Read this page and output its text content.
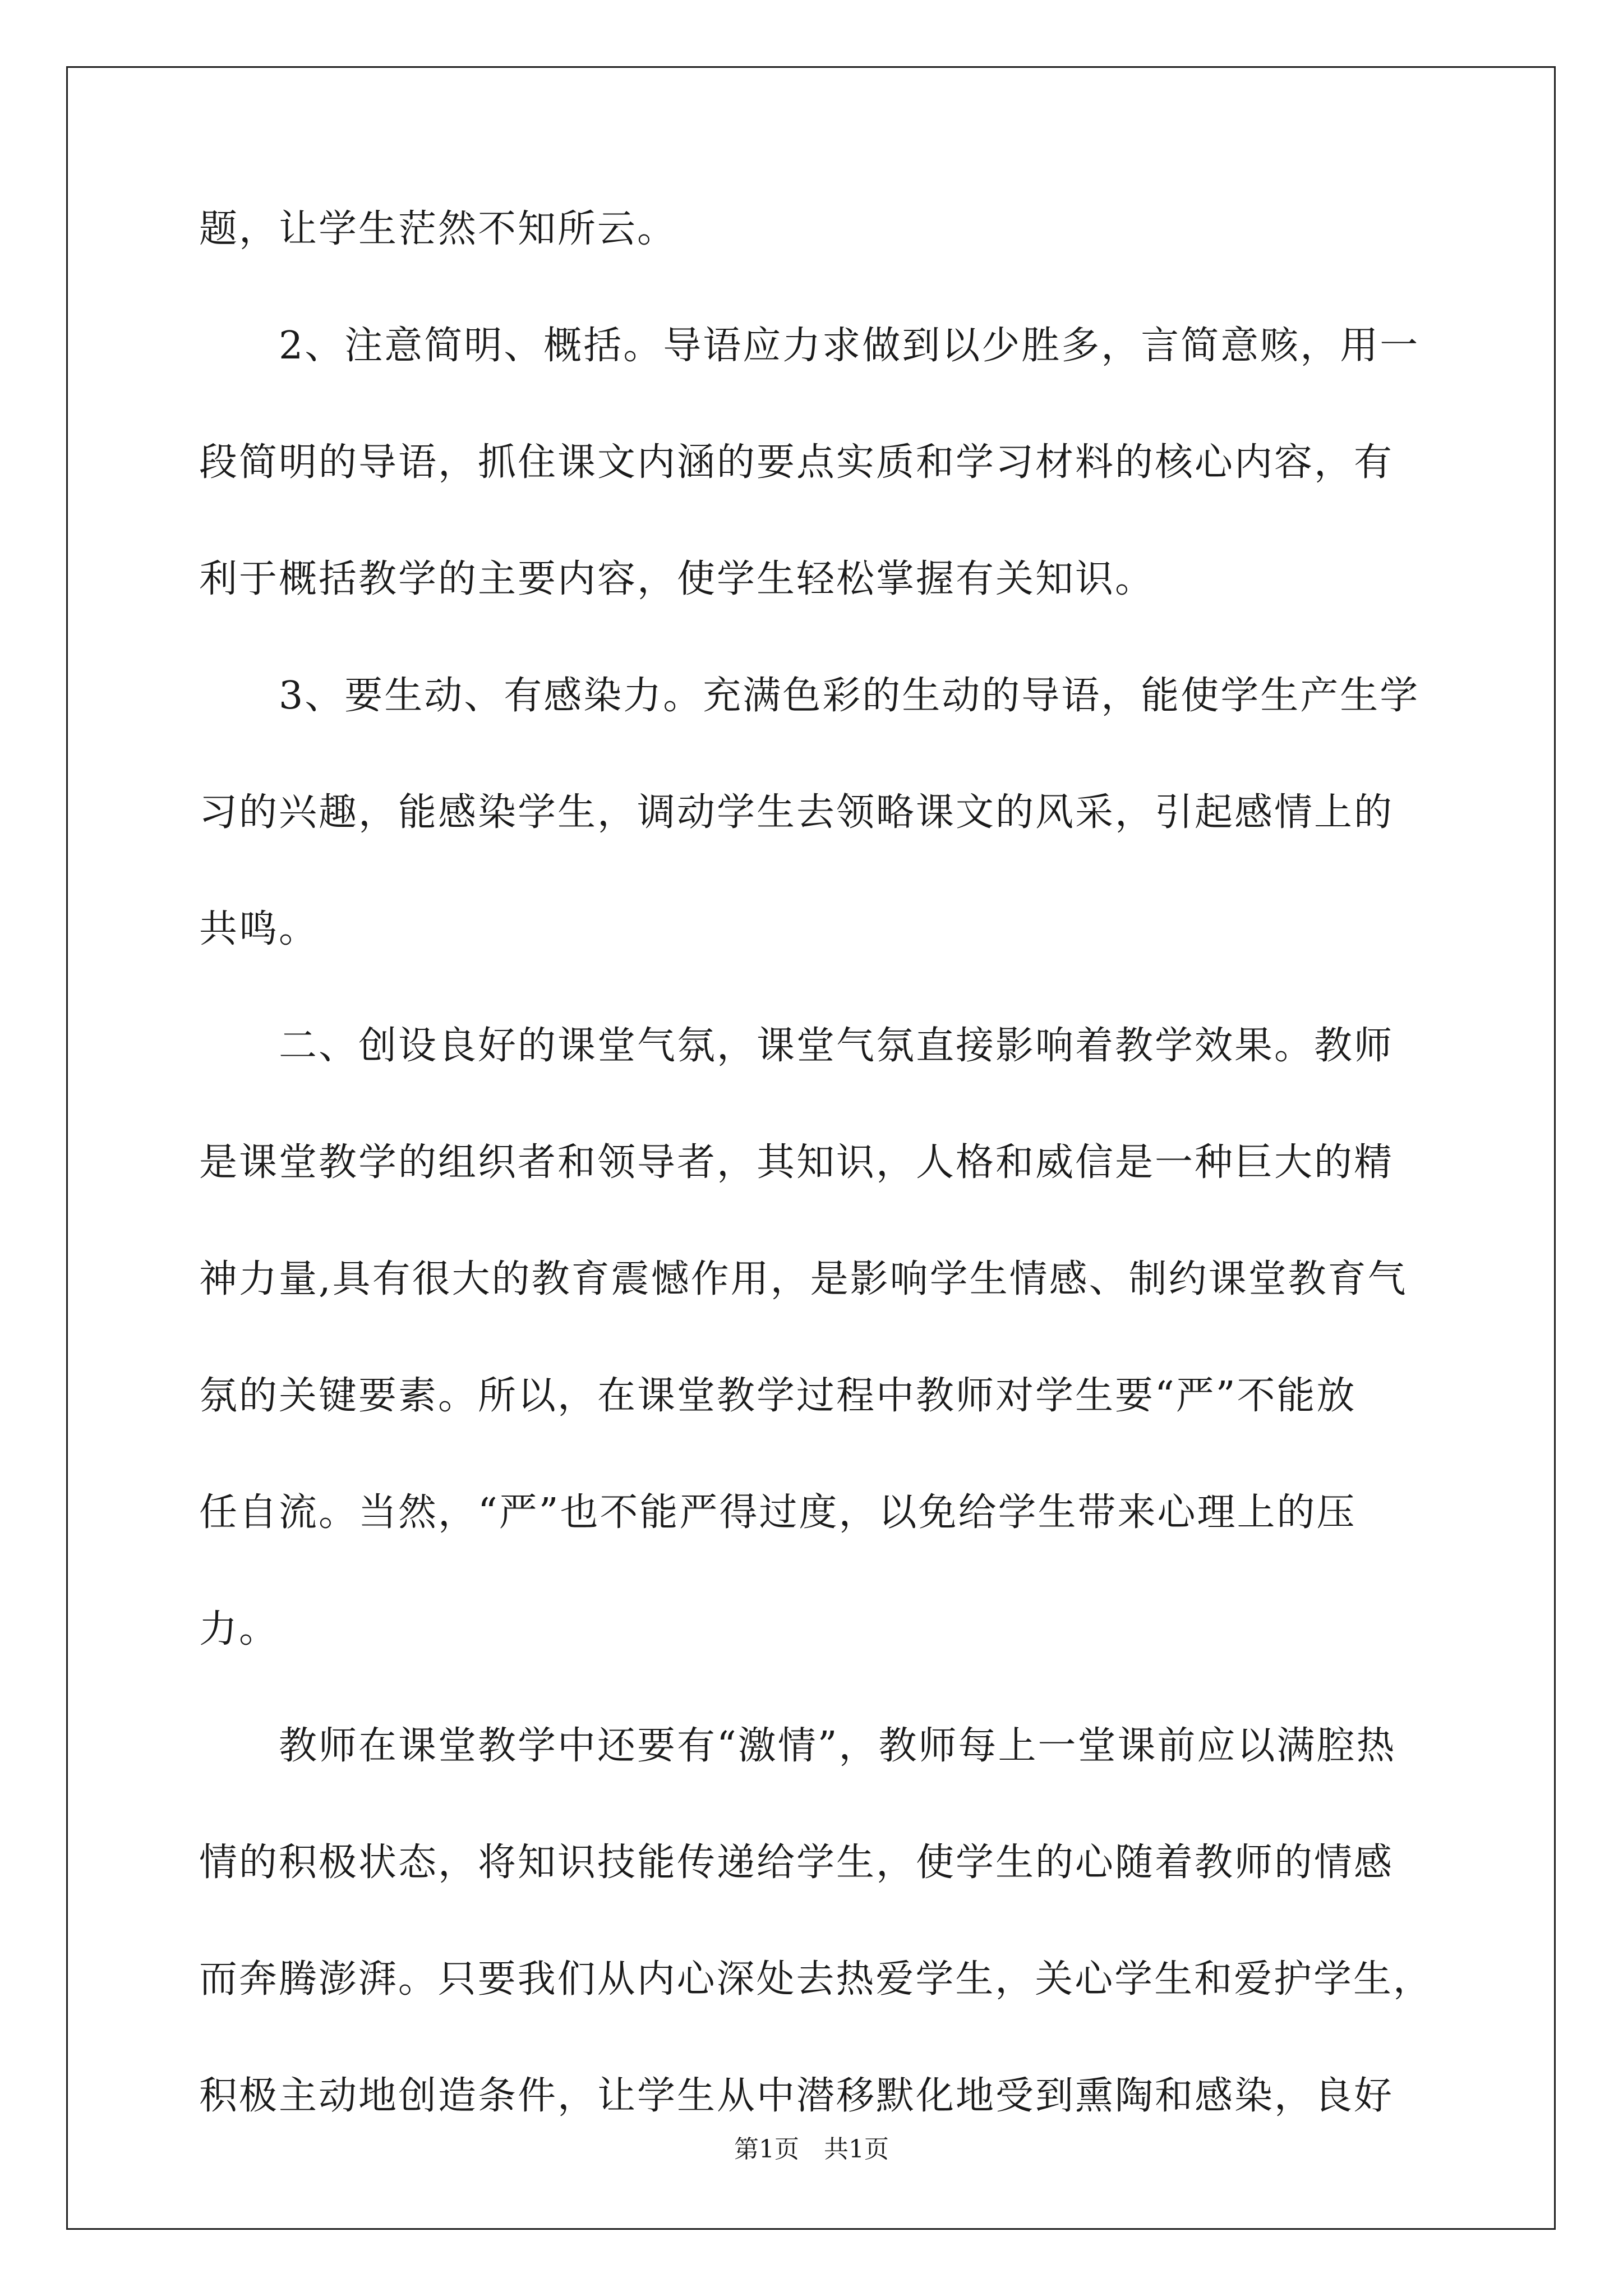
题，让学生茫然不知所云。
　　2、注意简明、概括。导语应力求做到以少胜多，言简意赅，用一
段简明的导语，抓住课文内涵的要点实质和学习材料的核心内容，有
利于概括教学的主要内容，使学生轻松掌握有关知识。
　　3、要生动、有感染力。充满色彩的生动的导语，能使学生产生学
习的兴趣，能感染学生，调动学生去领略课文的风采，引起感情上的
共鸣。
　　二、创设良好的课堂气氛，课堂气氛直接影响着教学效果。教师
是课堂教学的组织者和领导者，其知识，人格和威信是一种巨大的精
神力量,具有很大的教育震憾作用，是影响学生情感、制约课堂教育气
氛的关键要素。所以，在课堂教学过程中教师对学生要“严”不能放
任自流。当然，“严”也不能严得过度，以免给学生带来心理上的压
力。
　　教师在课堂教学中还要有“激情”，教师每上一堂课前应以满腔热
情的积极状态，将知识技能传递给学生，使学生的心随着教师的情感
而奔腾澎湃。只要我们从内心深处去热爱学生，关心学生和爱护学生，
积极主动地创造条件，让学生从中潜移默化地受到熏陶和感染，良好
第1页　共1页
